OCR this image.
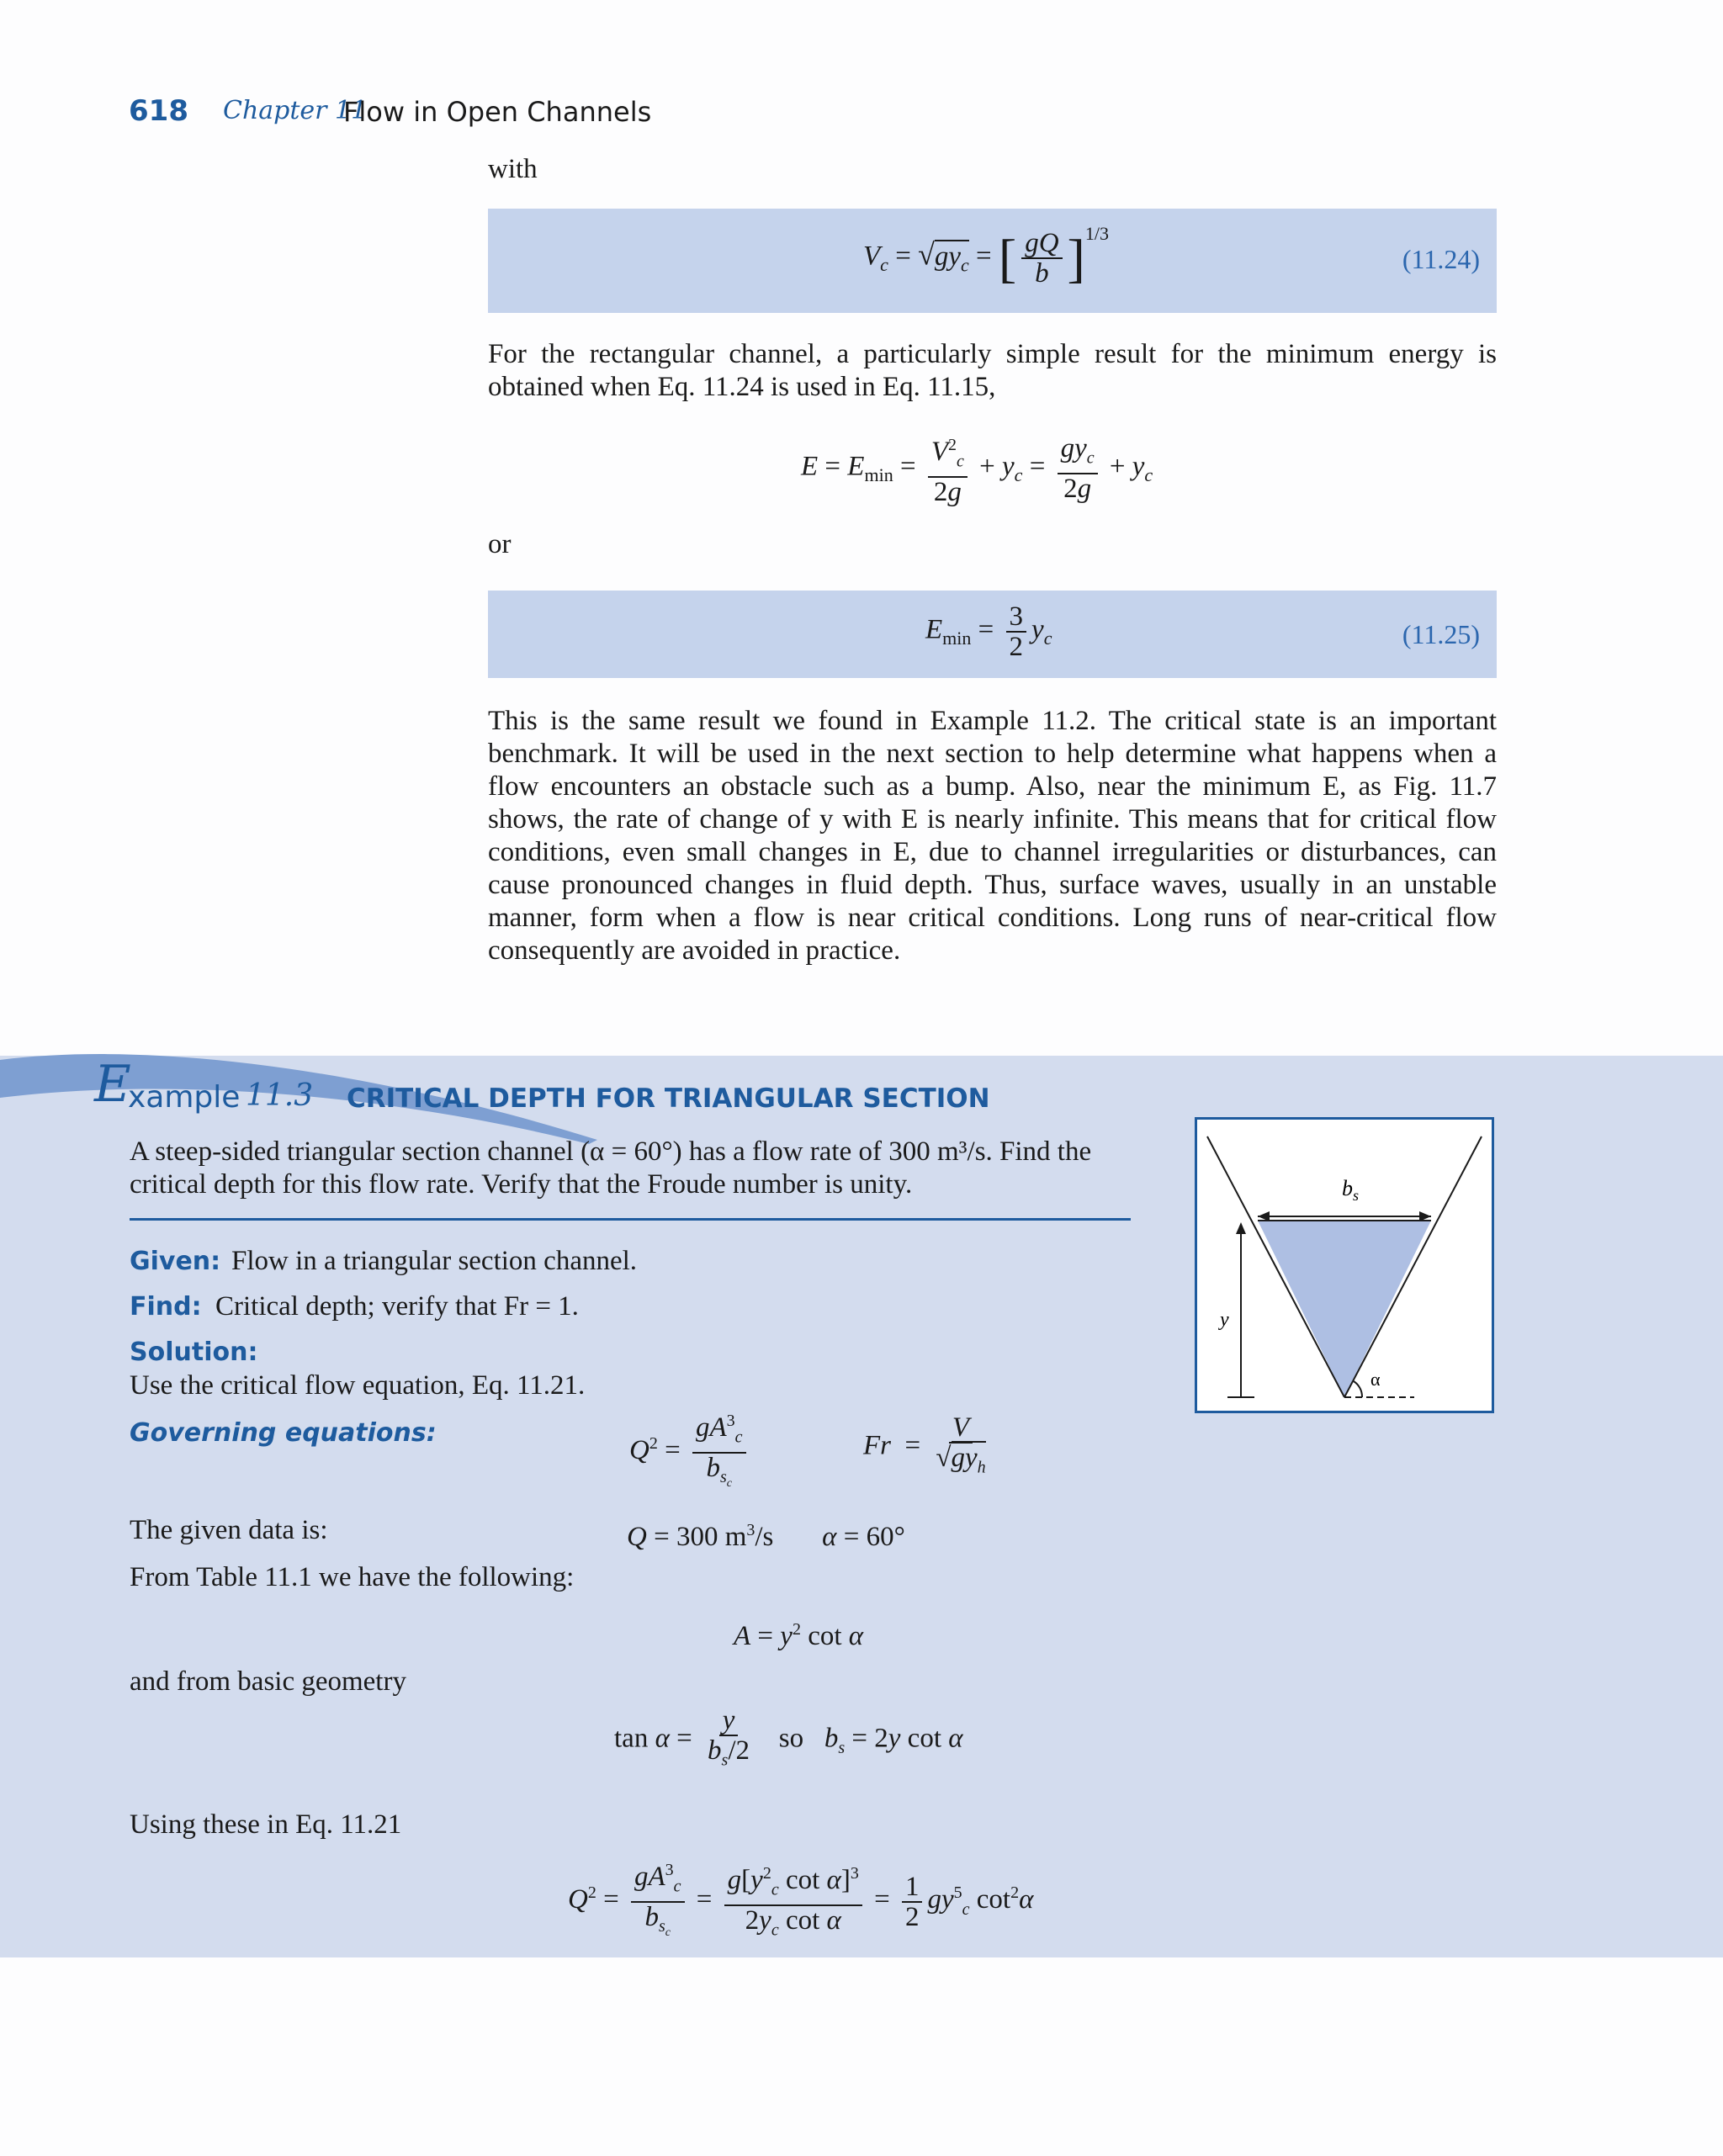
618 Chapter 11
Flow in Open Channels
with
$V_c = √gy_c$ = [ $\frac{gQ}{b} ]^{1/3}$
(11.24)
For the rectangular channel, a particularly simple result for the minimum energy is obtained when Eq. 11.24 is used in Eq. 11.15,
$E = E_{min} = \frac{V^2_c}{2g} + y_c = \frac{gy_c}{2g} + y_c$
or
$E_{min} = \frac{3}{2} y_c$	(11.25)
This is the same result we found in Example 11.2. The critical state is an important benchmark. It will be used in the next section to help determine what happens when a flow encounters an obstacle such as a bump. Also, near the minimum E, as Fig. 11.7 shows, the rate of change of y with E is nearly infinite. This means that for critical flow conditions, even small changes in E, due to channel irregularities or disturbances, can cause pronounced changes in fluid depth. Thus, surface waves, usually in an unstable manner, form when a flow is near critical conditions. Long runs of near-critical flow consequently are avoided in practice.
E
xample 11.3 CRITICAL DEPTH FOR TRIANGULAR SECTION
A steep-sided triangular section channel (α = 60°) has a flow rate of 300 m³/s. Find the critical depth for this flow rate. Verify that the Froude number is unity.
Given: Flow in a triangular section channel.
Find: Critical depth; verify that Fr = 1.
Solution:
Use the critical flow equation, Eq. 11.21.
Governing equations:
$Q^2 = \frac{gA^3_c}{b_{s_c}}$	$Fr = \frac{V}{√gy_h}$
The given data is:	Q = 300 $m^3/s$       α = 60°
From Table 11.1 we have the following:
$A = y^2$ cot α
and from basic geometry
$\tan \alpha = \frac{y}{b_s/2}$ so $b_s = 2y$ cot α
Using these in Eq. 11.21
$Q^2 = \frac{gA^3_c}{b_{s_c}} = \frac{g[y^2_c \cot \alpha]^3}{2y_c \cot \alpha} = \frac{1}{2} gy^5_c$ $\cot^2\alpha$
$b_s$
y
α
